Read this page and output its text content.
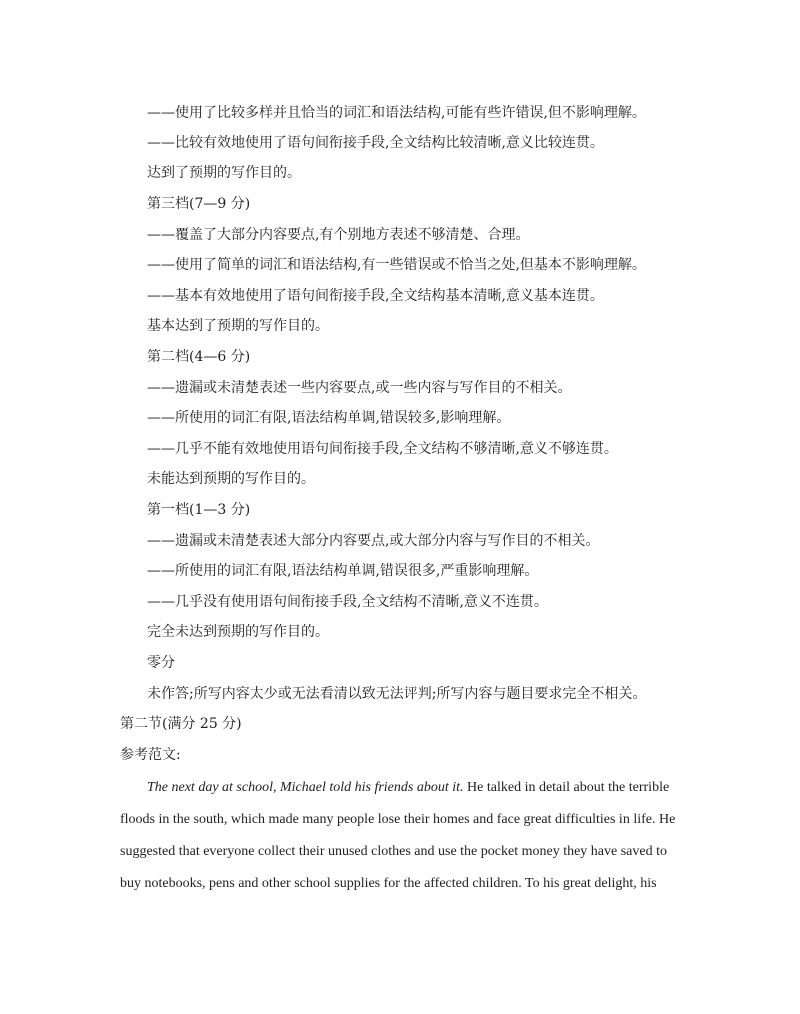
——使用了比较多样并且恰当的词汇和语法结构,可能有些许错误,但不影响理解。
——比较有效地使用了语句间衔接手段,全文结构比较清晰,意义比较连贯。
达到了预期的写作目的。
第三档(7—9 分)
——覆盖了大部分内容要点,有个别地方表述不够清楚、合理。
——使用了简单的词汇和语法结构,有一些错误或不恰当之处,但基本不影响理解。
——基本有效地使用了语句间衔接手段,全文结构基本清晰,意义基本连贯。
基本达到了预期的写作目的。
第二档(4—6 分)
——遗漏或未清楚表述一些内容要点,或一些内容与写作目的不相关。
——所使用的词汇有限,语法结构单调,错误较多,影响理解。
——几乎不能有效地使用语句间衔接手段,全文结构不够清晰,意义不够连贯。
未能达到预期的写作目的。
第一档(1—3 分)
——遗漏或未清楚表述大部分内容要点,或大部分内容与写作目的不相关。
——所使用的词汇有限,语法结构单调,错误很多,严重影响理解。
——几乎没有使用语句间衔接手段,全文结构不清晰,意义不连贯。
完全未达到预期的写作目的。
零分
未作答;所写内容太少或无法看清以致无法评判;所写内容与题目要求完全不相关。
第二节(满分 25 分)
参考范文:
The next day at school, Michael told his friends about it. He talked in detail about the terrible
floods in the south, which made many people lose their homes and face great difficulties in life. He
suggested that everyone collect their unused clothes and use the pocket money they have saved to
buy notebooks, pens and other school supplies for the affected children. To his great delight, his
